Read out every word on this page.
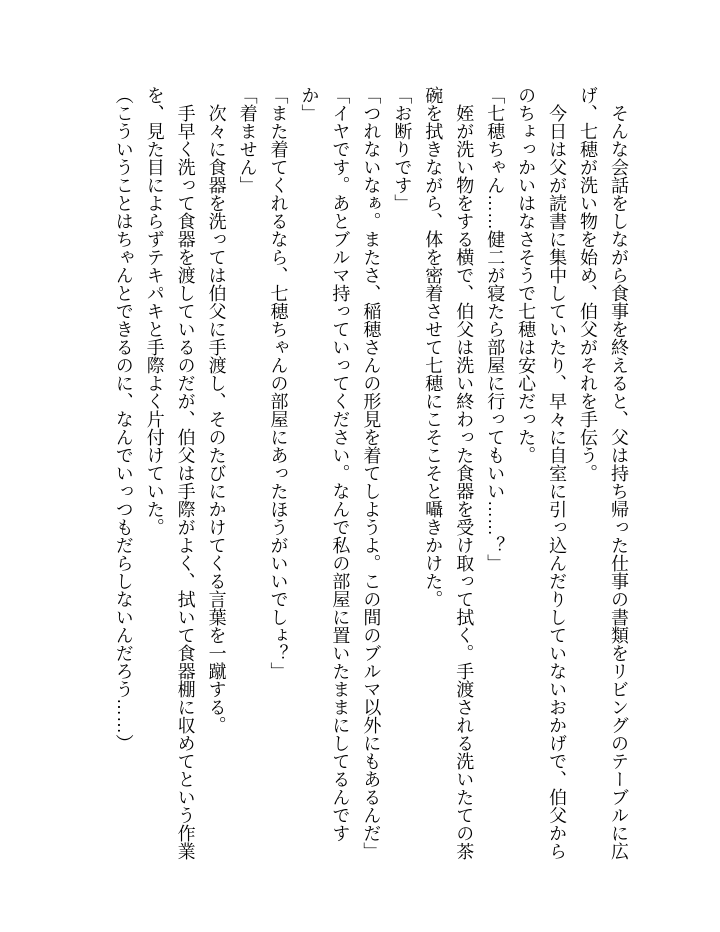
　そんな会話をしながら食事を終えると、父は持ち帰った仕事の書類をリビングのテーブルに広げ、七穂が洗い物を始め、伯父がそれを手伝う。

　今日は父が読書に集中していたり、早々に自室に引っ込んだりしていないおかげで、伯父からのちょっかいはなさそうで七穂は安心だった。

「七穂ちゃん……健二が寝たら部屋に行ってもいい……？」

　姪が洗い物をする横で、伯父は洗い終わった食器を受け取って拭く。手渡される洗いたての茶碗を拭きながら、体を密着させて七穂にこそこそと囁きかけた。

「お断りです」

「つれないなぁ。またさ、稲穂さんの形見を着てしようよ。この間のブルマ以外にもあるんだ」

「イヤです。あとブルマ持っていってください。なんで私の部屋に置いたままにしてるんですか」

「また着てくれるなら、七穂ちゃんの部屋にあったほうがいいでしょ？」

「着ません」

　次々に食器を洗っては伯父に手渡し、そのたびにかけてくる言葉を一蹴する。

　手早く洗って食器を渡しているのだが、伯父は手際がよく、拭いて食器棚に収めてという作業を、見た目によらずテキパキと手際よく片付けていた。

（こういうことはちゃんとできるのに、なんでいっつもだらしないんだろう……）
